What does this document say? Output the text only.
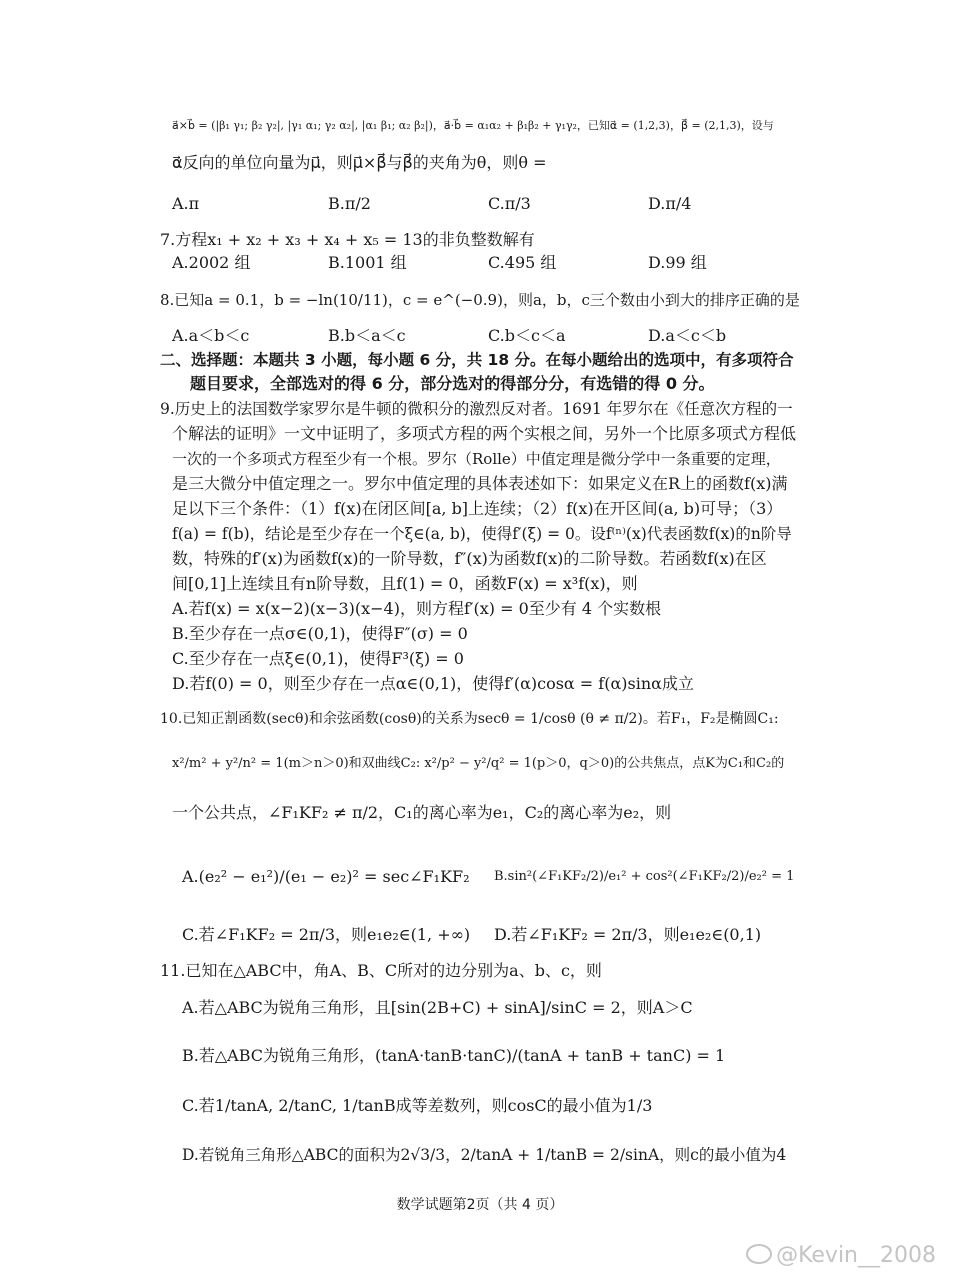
a⃗×b⃗ = (|β₁ γ₁; β₂ γ₂|, |γ₁ α₁; γ₂ α₂|, |α₁ β₁; α₂ β₂|)，a⃗·b⃗ = α₁α₂ + β₁β₂ + γ₁γ₂，已知α⃗ = (1,2,3)，β⃗ = (2,1,3)，设与
α⃗反向的单位向量为μ⃗，则μ⃗×β⃗与β⃗的夹角为θ，则θ =
A.π	B.π/2	C.π/3	D.π/4
7.方程x₁ + x₂ + x₃ + x₄ + x₅ = 13的非负整数解有
A.2002 组	B.1001 组	C.495 组	D.99 组
8.已知a = 0.1，b = −ln(10/11)，c = e^(−0.9)，则a，b，c三个数由小到大的排序正确的是
A.a＜b＜c	B.b＜a＜c	C.b＜c＜a	D.a＜c＜b
二、选择题：本题共 3 小题，每小题 6 分，共 18 分。在每小题给出的选项中，有多项符合
题目要求，全部选对的得 6 分，部分选对的得部分分，有选错的得 0 分。
9.历史上的法国数学家罗尔是牛顿的微积分的激烈反对者。1691 年罗尔在《任意次方程的一
个解法的证明》一文中证明了，多项式方程的两个实根之间，另外一个比原多项式方程低
一次的一个多项式方程至少有一个根。罗尔（Rolle）中值定理是微分学中一条重要的定理，
是三大微分中值定理之一。罗尔中值定理的具体表述如下：如果定义在R上的函数f(x)满
足以下三个条件：（1）f(x)在闭区间[a, b]上连续；（2）f(x)在开区间(a, b)可导；（3）
f(a) = f(b)，结论是至少存在一个ξ∈(a, b)，使得f′(ξ) = 0。设f⁽ⁿ⁾(x)代表函数f(x)的n阶导
数，特殊的f′(x)为函数f(x)的一阶导数，f″(x)为函数f(x)的二阶导数。若函数f(x)在区
间[0,1]上连续且有n阶导数，且f(1) = 0，函数F(x) = x³f(x)，则
A.若f(x) = x(x−2)(x−3)(x−4)，则方程f′(x) = 0至少有 4 个实数根
B.至少存在一点σ∈(0,1)，使得F″(σ) = 0
C.至少存在一点ξ∈(0,1)，使得F³(ξ) = 0
D.若f(0) = 0，则至少存在一点α∈(0,1)，使得f′(α)cosα = f(α)sinα成立
10.已知正割函数(secθ)和余弦函数(cosθ)的关系为secθ = 1/cosθ (θ ≠ π/2)。若F₁，F₂是椭圆C₁:
x²/m² + y²/n² = 1(m＞n＞0)和双曲线C₂: x²/p² − y²/q² = 1(p＞0，q＞0)的公共焦点，点K为C₁和C₂的
一个公共点，∠F₁KF₂ ≠ π/2，C₁的离心率为e₁，C₂的离心率为e₂，则
A.(e₂² − e₁²)/(e₁ − e₂)² = sec∠F₁KF₂ B.sin²(∠F₁KF₂/2)/e₁² + cos²(∠F₁KF₂/2)/e₂² = 1
C.若∠F₁KF₂ = 2π/3，则e₁e₂∈(1, +∞) D.若∠F₁KF₂ = 2π/3，则e₁e₂∈(0,1)
11.已知在△ABC中，角A、B、C所对的边分别为a、b、c，则
A.若△ABC为锐角三角形，且[sin(2B+C) + sinA]/sinC = 2，则A＞C
B.若△ABC为锐角三角形，(tanA·tanB·tanC)/(tanA + tanB + tanC) = 1
C.若1/tanA, 2/tanC, 1/tanB成等差数列，则cosC的最小值为1/3
D.若锐角三角形△ABC的面积为2√3/3，2/tanA + 1/tanB = 2/sinA，则c的最小值为4
数学试题第2页（共 4 页）
@Kevin__2008
